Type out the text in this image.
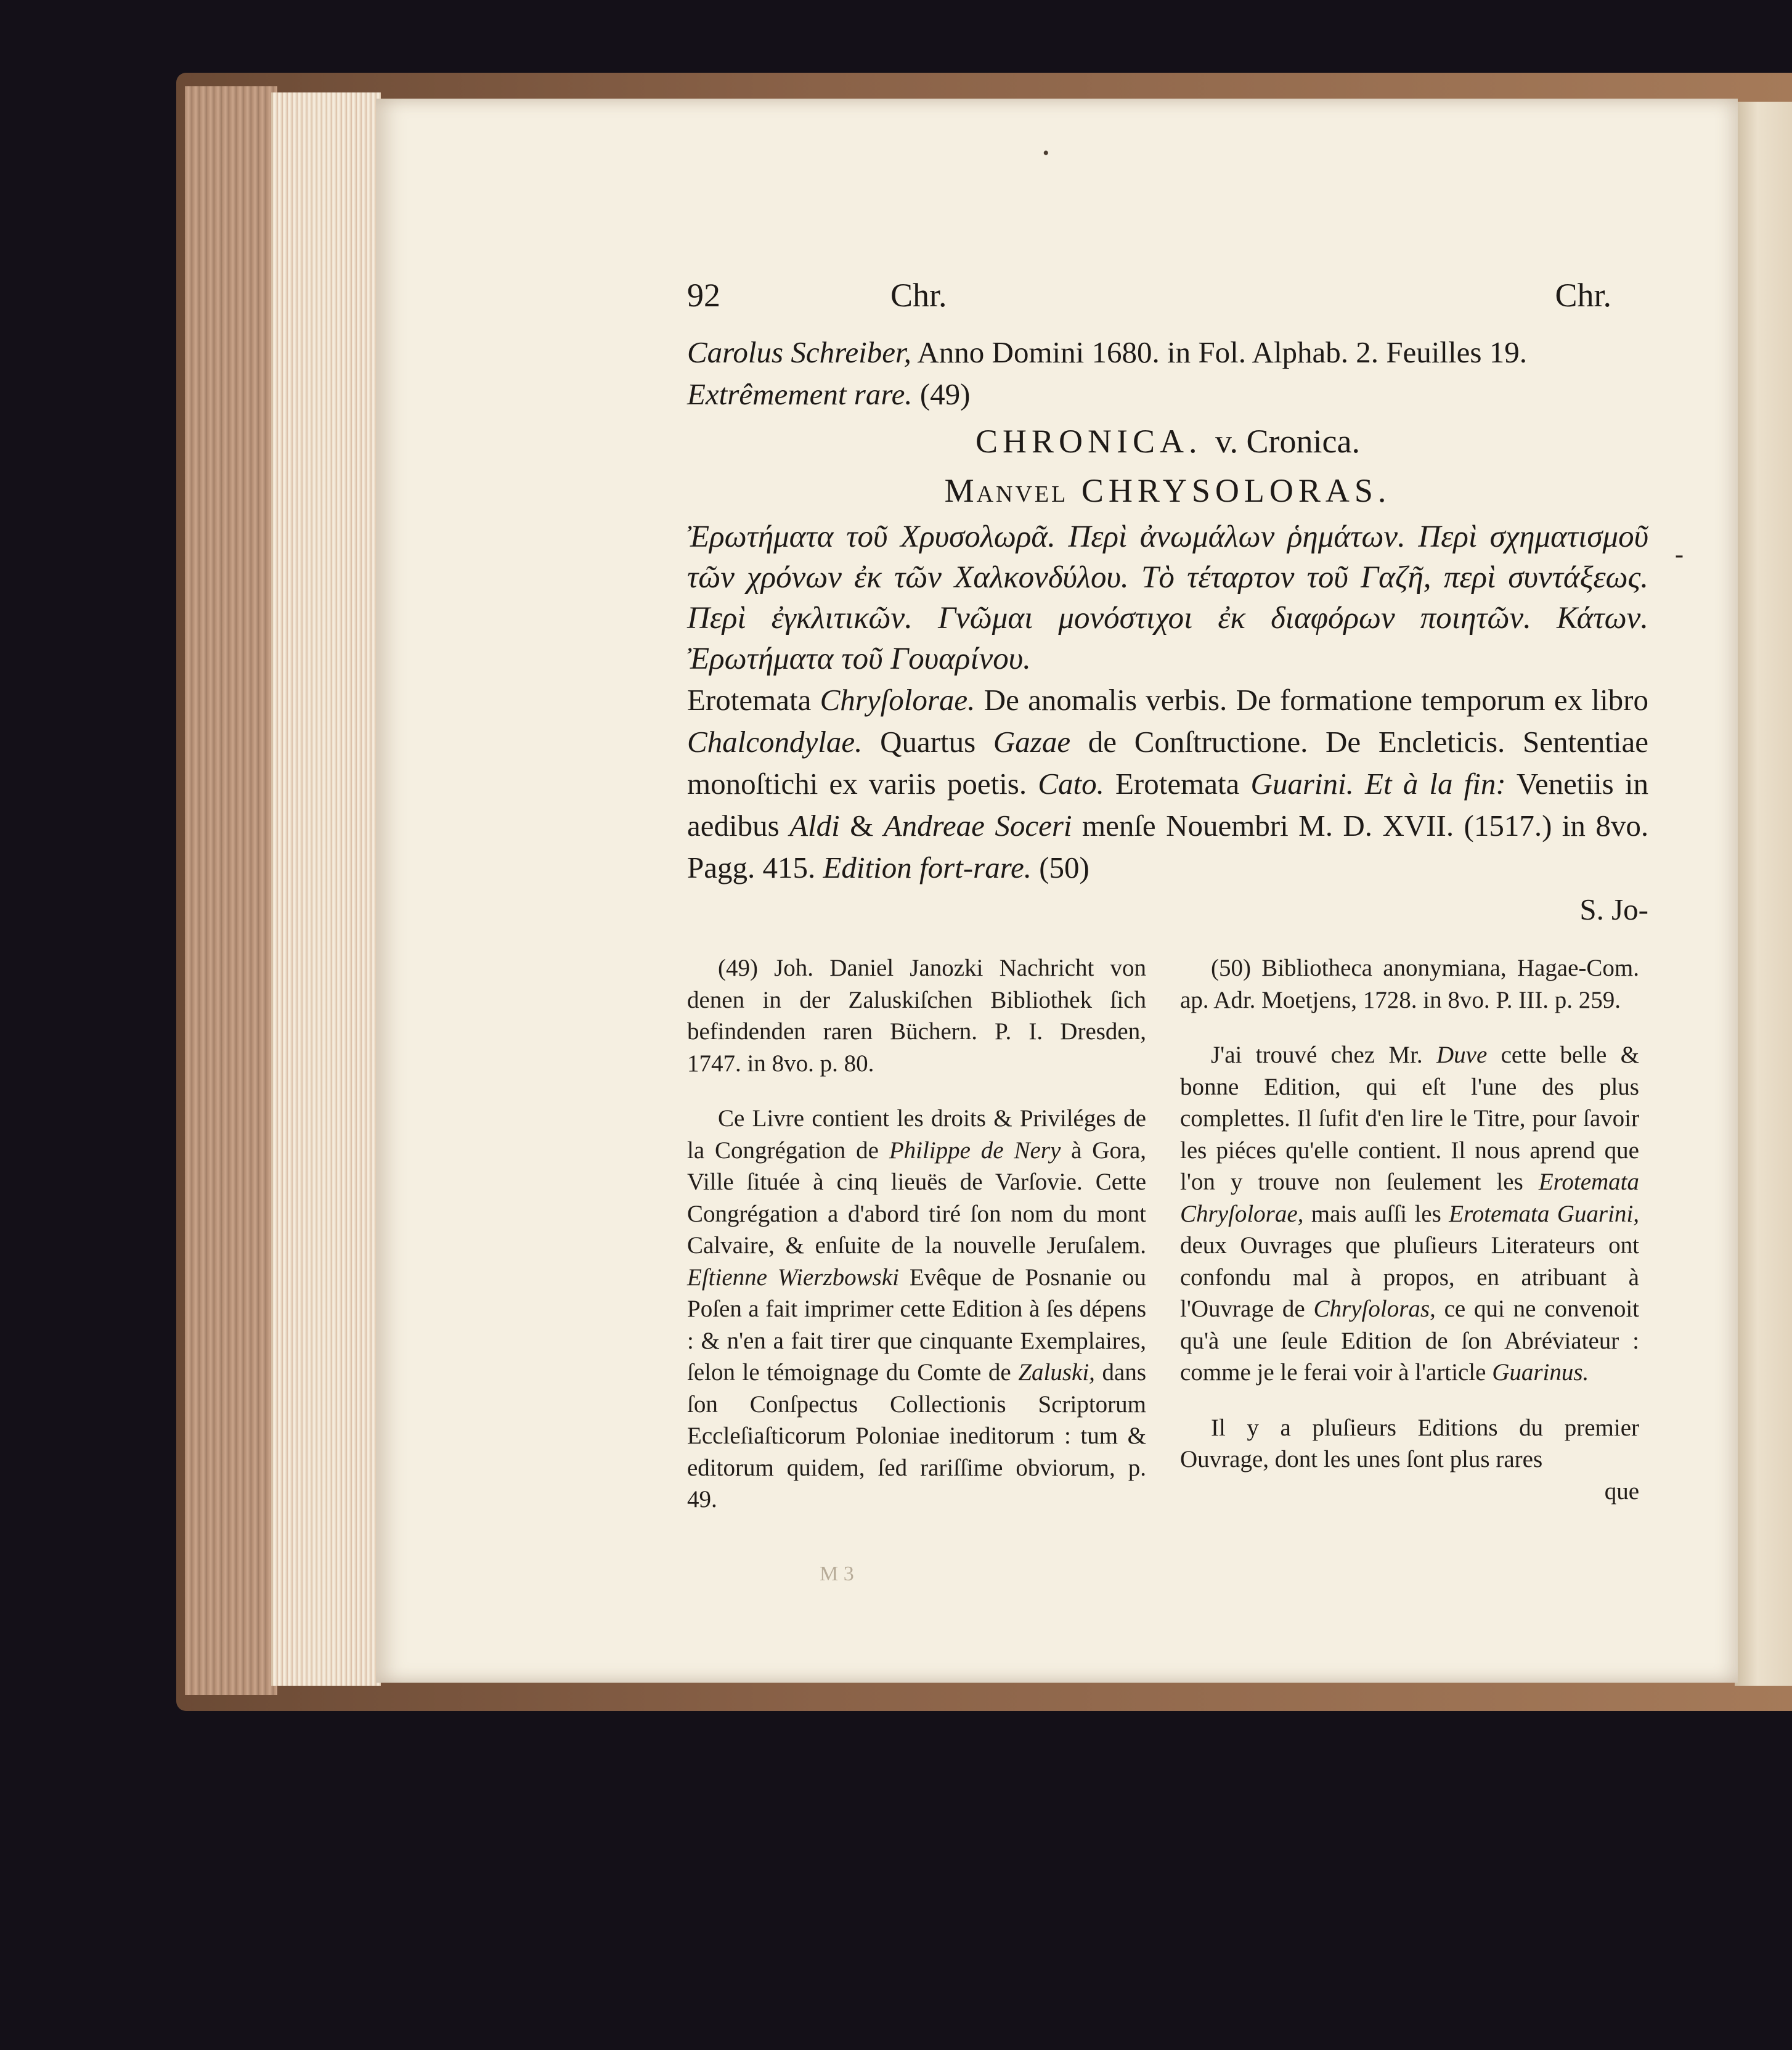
•
-
92	Chr.	Chr.

Carolus Schreiber, Anno Domini 1680. in Fol. Alphab. 2. Feuilles 19.

Extrêmement rare. (49)

CHRONICA. v. Cronica.
Manvel CHRYSOLORAS.

Ἐρωτήματα τοῦ Χρυσολωρᾶ. Περὶ ἀνωμάλων ῥημάτων. Περὶ σχηματισμοῦ τῶν χρόνων ἐκ τῶν Χαλκονδύλου. Τὸ τέταρτον τοῦ Γαζῆ, περὶ συντάξεως. Περὶ ἐγκλιτικῶν. Γνῶμαι μονόστιχοι ἐκ διαφόρων ποιητῶν. Κάτων. Ἐρωτήματα τοῦ Γουαρίνου.

Erotemata Chryſolorae. De anomalis verbis. De formatione temporum ex libro Chalcondylae. Quartus Gazae de Conſtructione. De Encleticis. Sententiae monoſtichi ex variis poetis. Cato. Erotemata Guarini. Et à la fin: Venetiis in aedibus Aldi & Andreae Soceri menſe Nouembri M. D. XVII. (1517.) in 8vo. Pagg. 415. Edition fort-rare. (50)

S. Jo-

(49) Joh. Daniel Janozki Nachricht von denen in der Zaluskiſchen Bibliothek ſich befindenden raren Büchern. P. I. Dresden, 1747. in 8vo. p. 80.

Ce Livre contient les droits & Priviléges de la Congrégation de Philippe de Nery à Gora, Ville ſituée à cinq lieuës de Varſovie. Cette Congrégation a d'abord tiré ſon nom du mont Calvaire, & enſuite de la nouvelle Jeruſalem. Eſtienne Wierzbowski Evêque de Posnanie ou Poſen a fait imprimer cette Edition à ſes dépens : & n'en a fait tirer que cinquante Exemplaires, ſelon le témoignage du Comte de Zaluski, dans ſon Conſpectus Collectionis Scriptorum Eccleſiaſticorum Poloniae ineditorum : tum & editorum quidem, ſed rariſſime obviorum, p. 49.

(50) Bibliotheca anonymiana, Hagae-Com. ap. Adr. Moetjens, 1728. in 8vo. P. III. p. 259.

J'ai trouvé chez Mr. Duve cette belle & bonne Edition, qui eſt l'une des plus complettes. Il ſufit d'en lire le Titre, pour ſavoir les piéces qu'elle contient. Il nous aprend que l'on y trouve non ſeulement les Erotemata Chryſolorae, mais auſſi les Erotemata Guarini, deux Ouvrages que pluſieurs Literateurs ont confondu mal à propos, en atribuant à l'Ouvrage de Chryſoloras, ce qui ne convenoit qu'à une ſeule Edition de ſon Abréviateur : comme je le ferai voir à l'article Guarinus.

Il y a pluſieurs Editions du premier Ouvrage, dont les unes ſont plus rares

que

M 3
